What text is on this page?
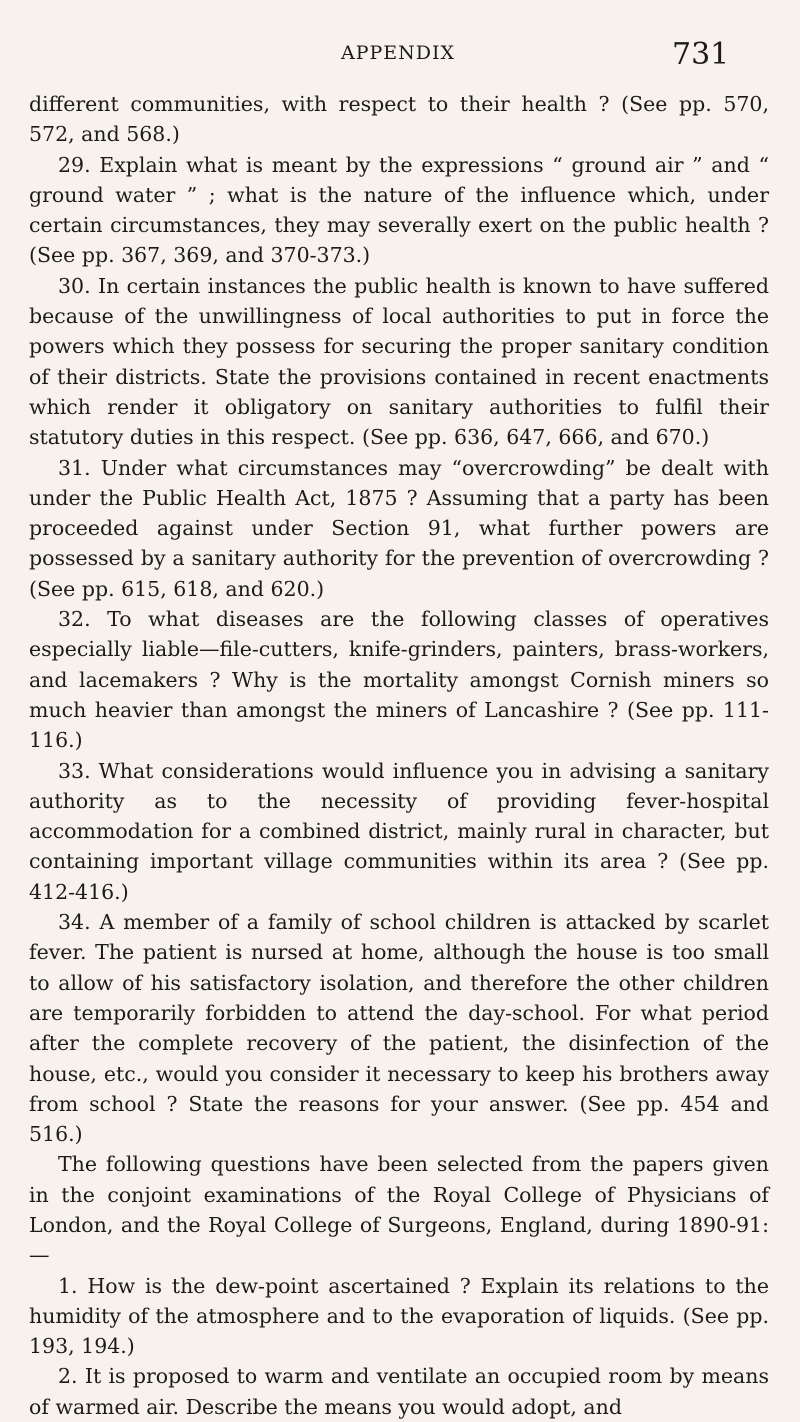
APPENDIX	731

different communities, with respect to their health ? (See pp. 570, 572, and 568.)

29. Explain what is meant by the expressions “ ground air ” and “ ground water ” ; what is the nature of the influence which, under certain circumstances, they may severally exert on the public health ? (See pp. 367, 369, and 370-373.)

30. In certain instances the public health is known to have suffered because of the unwillingness of local authorities to put in force the powers which they possess for securing the proper sanitary condition of their districts. State the provisions contained in recent enactments which render it obligatory on sanitary authorities to fulfil their statutory duties in this respect. (See pp. 636, 647, 666, and 670.)

31. Under what circumstances may “overcrowding” be dealt with under the Public Health Act, 1875 ? Assuming that a party has been proceeded against under Section 91, what further powers are possessed by a sanitary authority for the prevention of overcrowding ? (See pp. 615, 618, and 620.)

32. To what diseases are the following classes of operatives especially liable—file-cutters, knife-grinders, painters, brass-workers, and lacemakers ? Why is the mortality amongst Cornish miners so much heavier than amongst the miners of Lancashire ? (See pp. 111-116.)

33. What considerations would influence you in advising a sanitary authority as to the necessity of providing fever-hospital accommodation for a combined district, mainly rural in character, but containing important village communities within its area ? (See pp. 412-416.)

34. A member of a family of school children is attacked by scarlet fever. The patient is nursed at home, although the house is too small to allow of his satisfactory isolation, and therefore the other children are temporarily forbidden to attend the day-school. For what period after the complete recovery of the patient, the disinfection of the house, etc., would you consider it necessary to keep his brothers away from school ? State the reasons for your answer. (See pp. 454 and 516.)

The following questions have been selected from the papers given in the conjoint examinations of the Royal College of Physicians of London, and the Royal College of Surgeons, England, during 1890-91:—

1. How is the dew-point ascertained ? Explain its relations to the humidity of the atmosphere and to the evaporation of liquids. (See pp. 193, 194.)

2. It is proposed to warm and ventilate an occupied room by means of warmed air. Describe the means you would adopt, and
